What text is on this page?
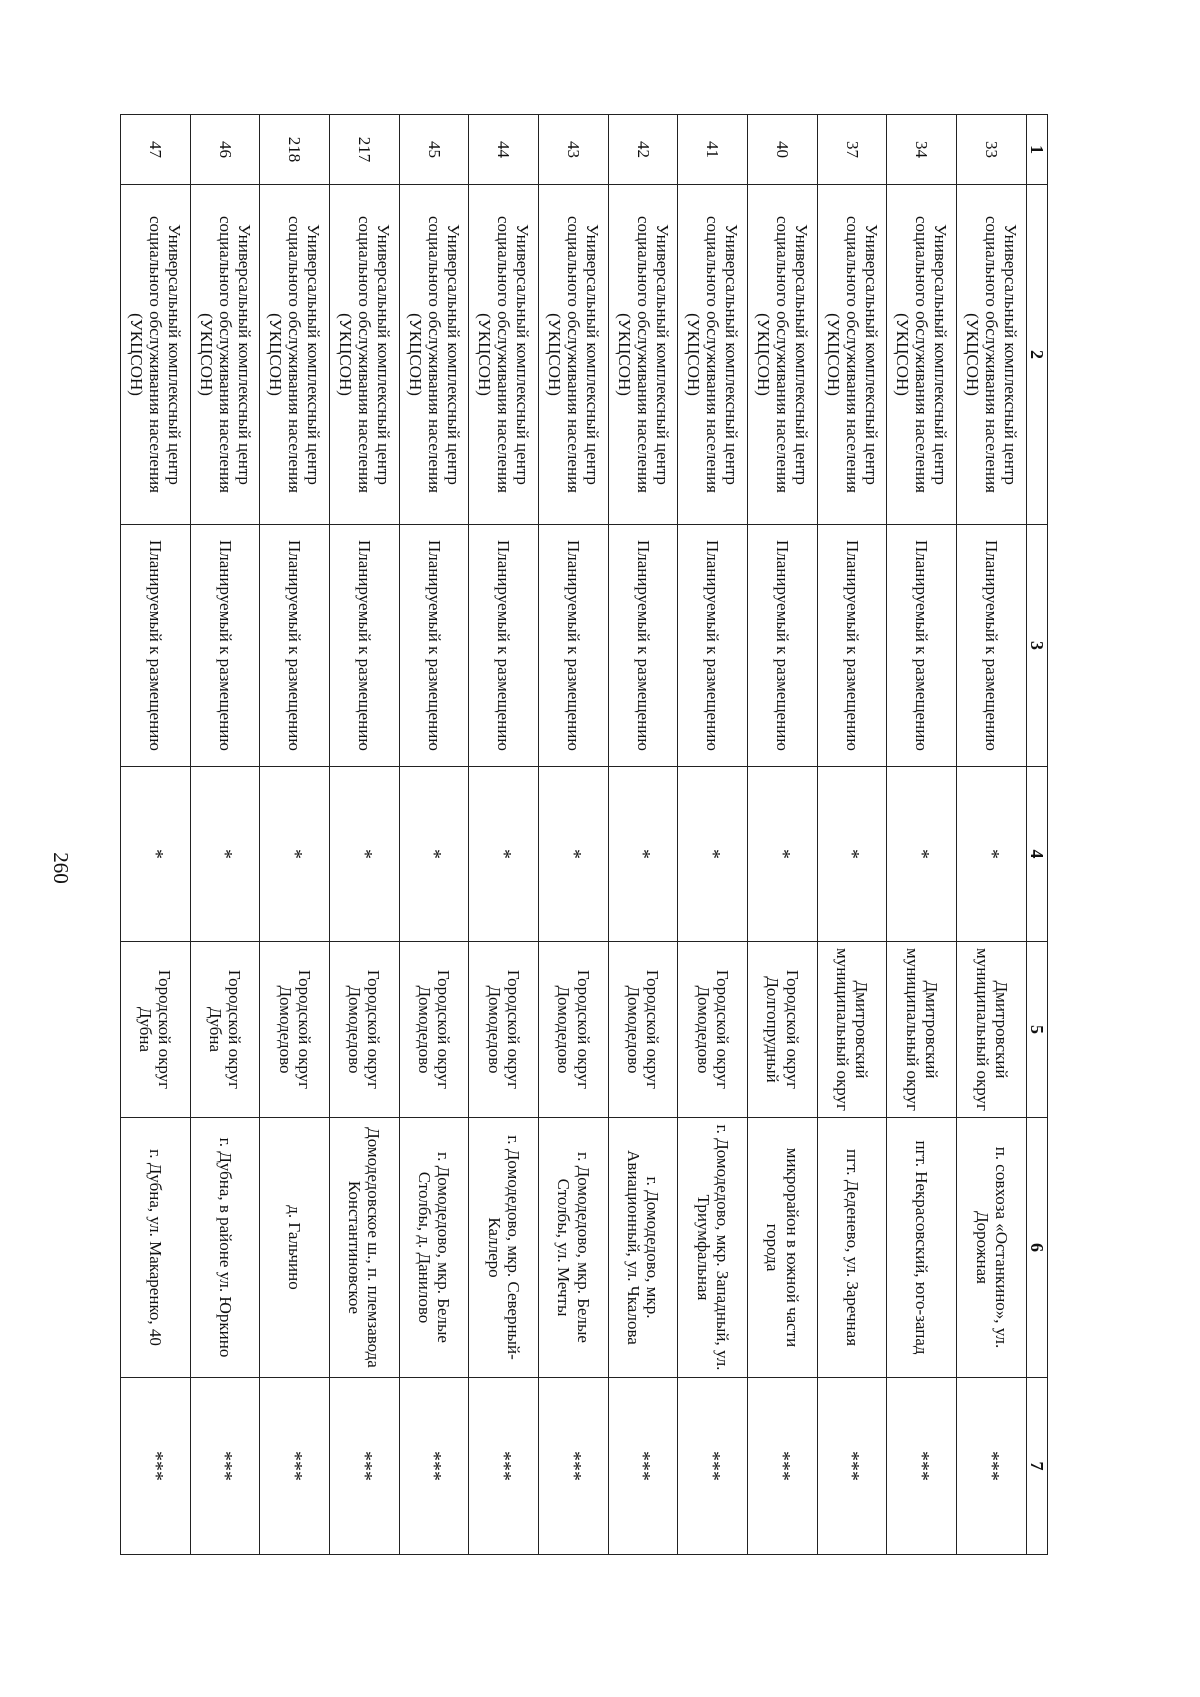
260
1	2	3	4	5	6	7
33	Универсальный комплексный центр социального обслуживания населения (УКЦСОН)	Планируемый к размещению	*	Дмитровский муниципальный округ	п. совхоза «Останкино», ул. Дорожная	***
34	Универсальный комплексный центр социального обслуживания населения (УКЦСОН)	Планируемый к размещению	*	Дмитровский муниципальный округ	пгт. Некрасовский, юго-запад	***
37	Универсальный комплексный центр социального обслуживания населения (УКЦСОН)	Планируемый к размещению	*	Дмитровский муниципальный округ	пгт. Деденево, ул. Заречная	***
40	Универсальный комплексный центр социального обслуживания населения (УКЦСОН)	Планируемый к размещению	*	Городской округ Долгопрудный	микрорайон в южной части города	***
41	Универсальный комплексный центр социального обслуживания населения (УКЦСОН)	Планируемый к размещению	*	Городской округ Домодедово	г. Домодедово, мкр. Западный, ул. Триумфальная	***
42	Универсальный комплексный центр социального обслуживания населения (УКЦСОН)	Планируемый к размещению	*	Городской округ Домодедово	г. Домодедово, мкр. Авиационный, ул. Чкалова	***
43	Универсальный комплексный центр социального обслуживания населения (УКЦСОН)	Планируемый к размещению	*	Городской округ Домодедово	г. Домодедово, мкр. Белые Столбы, ул. Мечты	***
44	Универсальный комплексный центр социального обслуживания населения (УКЦСОН)	Планируемый к размещению	*	Городской округ Домодедово	г. Домодедово, мкр. Северный- Каллеро	***
45	Универсальный комплексный центр социального обслуживания населения (УКЦСОН)	Планируемый к размещению	*	Городской округ Домодедово	г. Домодедово, мкр. Белые Столбы, д. Данилово	***
217	Универсальный комплексный центр социального обслуживания населения (УКЦСОН)	Планируемый к размещению	*	Городской округ Домодедово	Домодедовское ш., п. племзавода Константиновское	***
218	Универсальный комплексный центр социального обслуживания населения (УКЦСОН)	Планируемый к размещению	*	Городской округ Домодедово	д. Гальчино	***
46	Универсальный комплексный центр социального обслуживания населения (УКЦСОН)	Планируемый к размещению	*	Городской округ Дубна	г. Дубна, в районе ул. Юркино	***
47	Универсальный комплексный центр социального обслуживания населения (УКЦСОН)	Планируемый к размещению	*	Городской округ Дубна	г. Дубна, ул. Макаренко, 40	***
